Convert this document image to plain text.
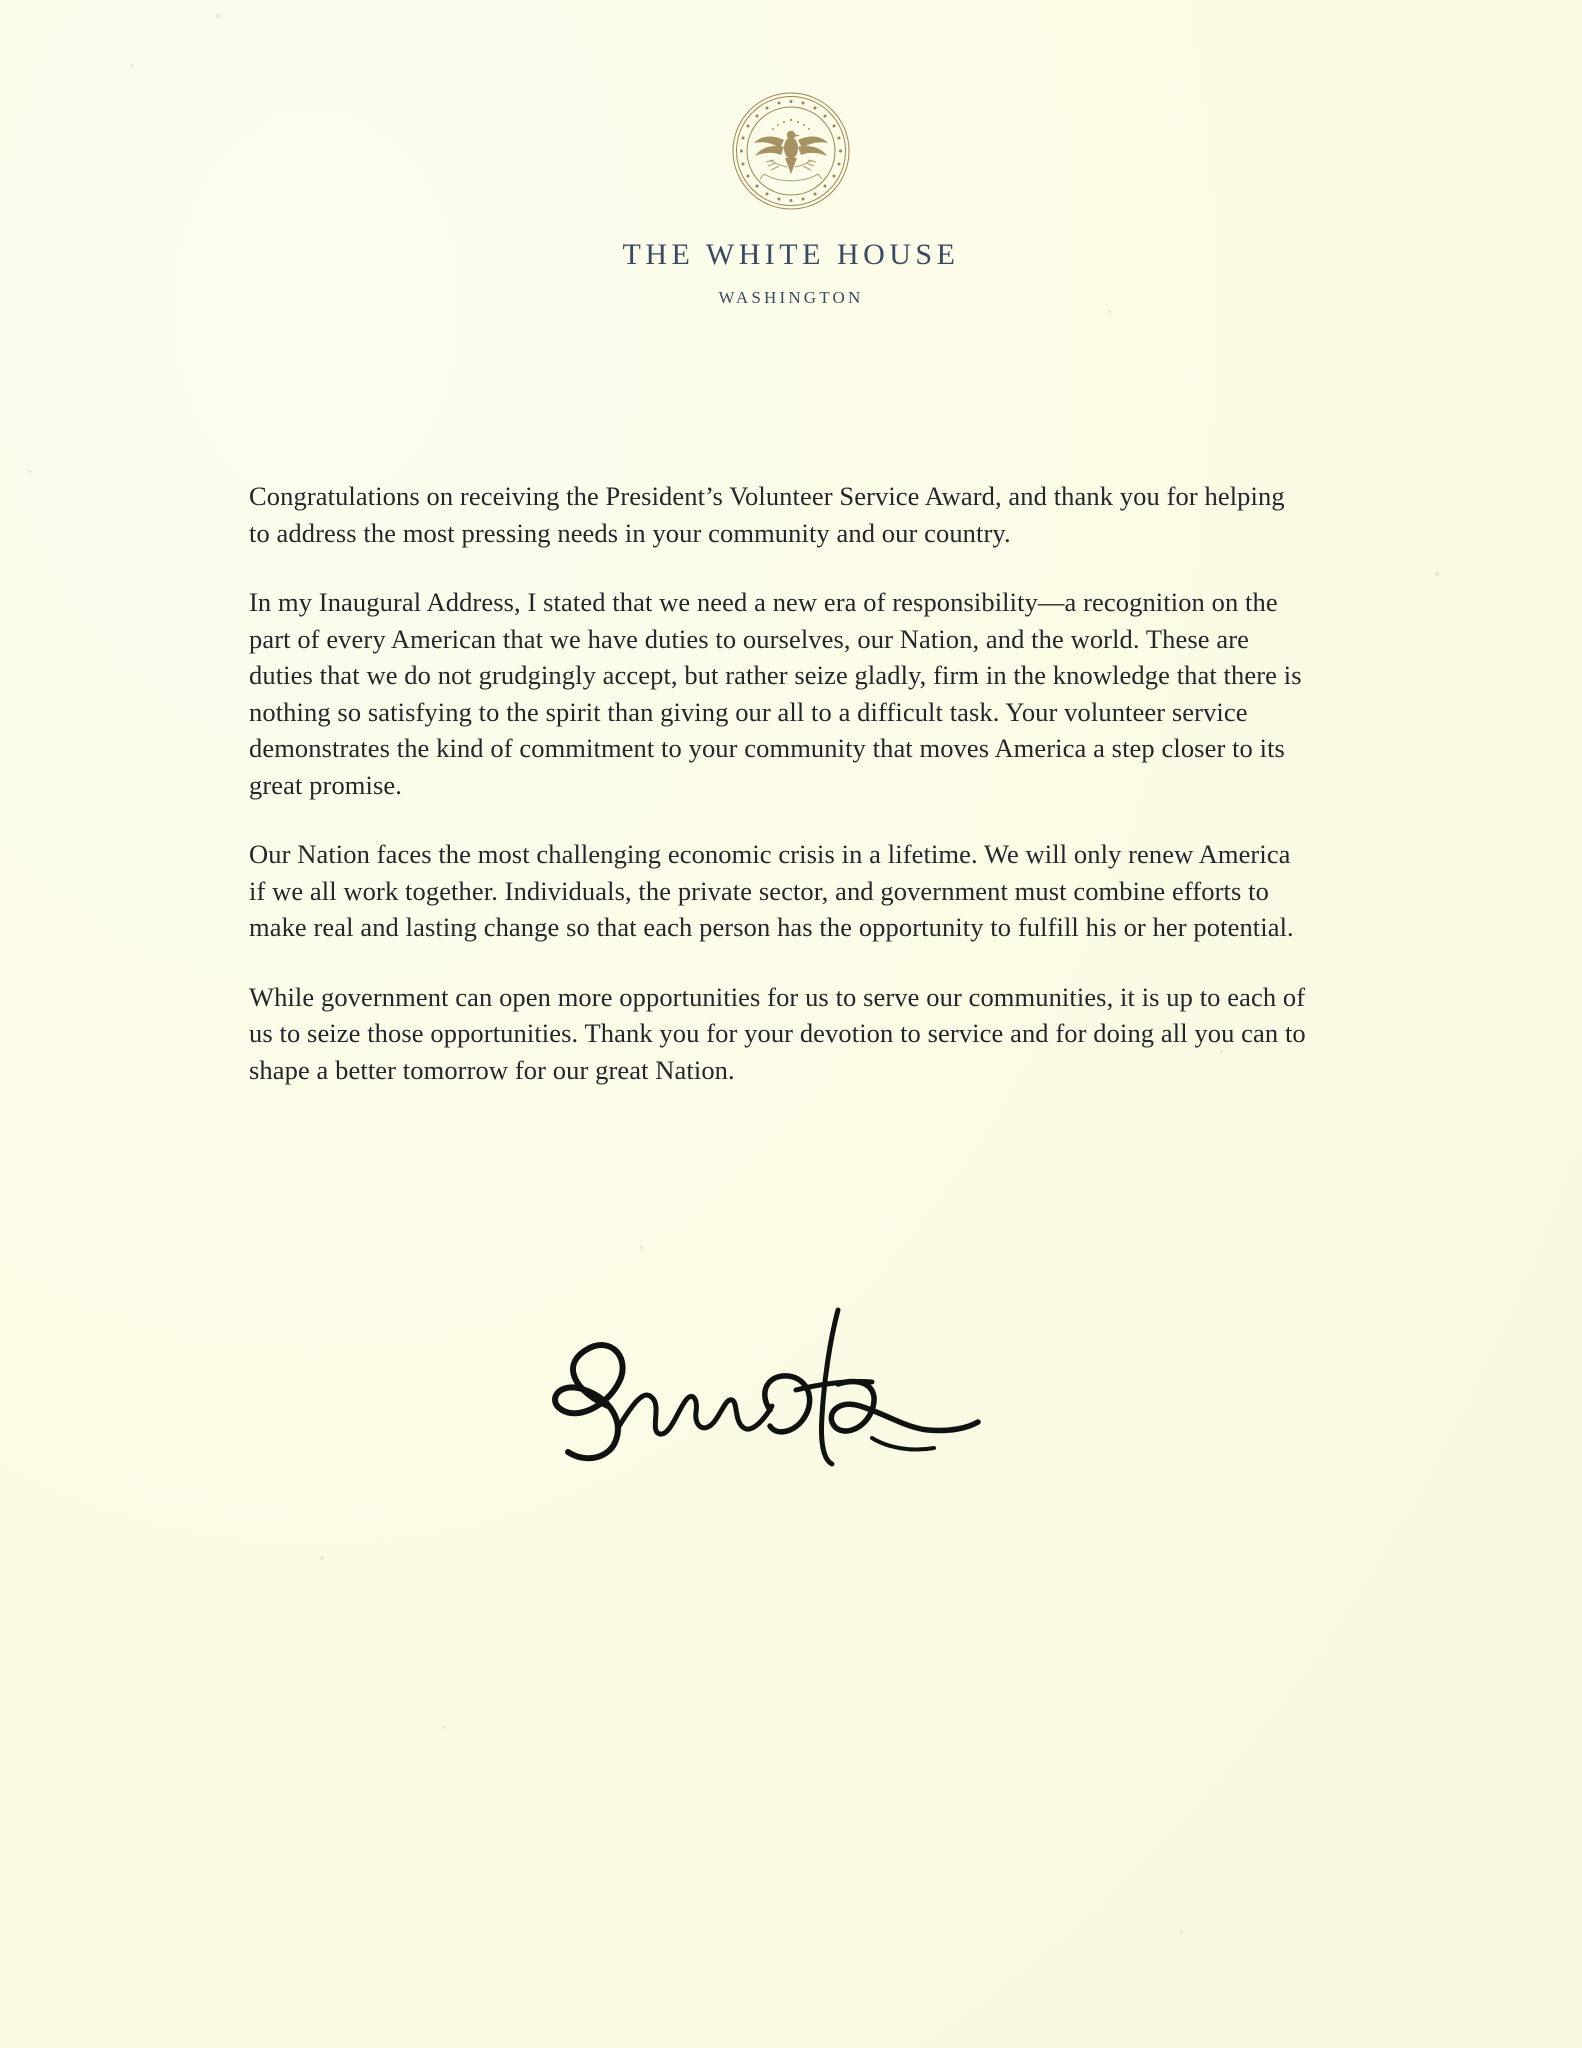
THE WHITE HOUSE
WASHINGTON

Congratulations on receiving the President’s Volunteer Service Award, and thank you for helping to address the most pressing needs in your community and our country.

In my Inaugural Address, I stated that we need a new era of responsibility—a recognition on the part of every American that we have duties to ourselves, our Nation, and the world. These are duties that we do not grudgingly accept, but rather seize gladly, firm in the knowledge that there is nothing so satisfying to the spirit than giving our all to a difficult task. Your volunteer service demonstrates the kind of commitment to your community that moves America a step closer to its great promise.

Our Nation faces the most challenging economic crisis in a lifetime. We will only renew America if we all work together. Individuals, the private sector, and government must combine efforts to make real and lasting change so that each person has the opportunity to fulfill his or her potential.

While government can open more opportunities for us to serve our communities, it is up to each of us to seize those opportunities. Thank you for your devotion to service and for doing all you can to shape a better tomorrow for our great Nation.
